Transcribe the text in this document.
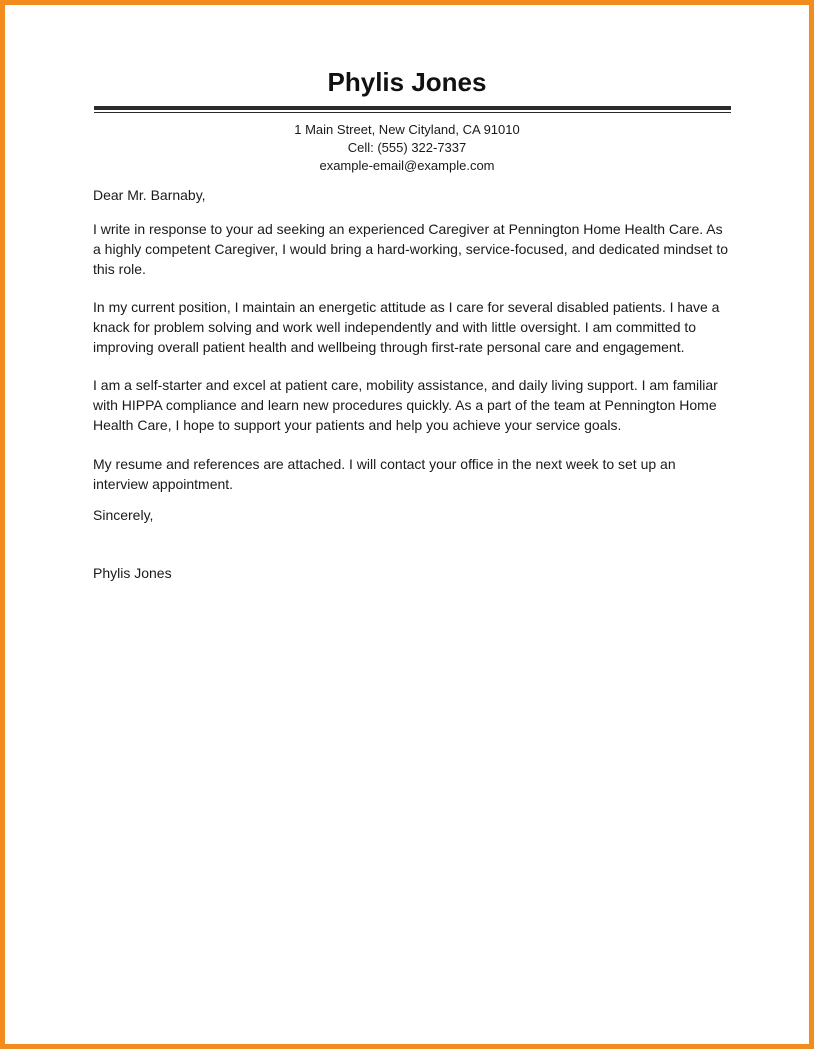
Phylis Jones
1 Main Street, New Cityland, CA 91010
Cell: (555) 322-7337
example-email@example.com

Dear Mr. Barnaby,

I write in response to your ad seeking an experienced Caregiver at Pennington Home Health Care. As a highly competent Caregiver, I would bring a hard-working, service-focused, and dedicated mindset to this role.

In my current position, I maintain an energetic attitude as I care for several disabled patients. I have a knack for problem solving and work well independently and with little oversight. I am committed to improving overall patient health and wellbeing through first-rate personal care and engagement.

I am a self-starter and excel at patient care, mobility assistance, and daily living support. I am familiar with HIPPA compliance and learn new procedures quickly. As a part of the team at Pennington Home Health Care, I hope to support your patients and help you achieve your service goals.

My resume and references are attached. I will contact your office in the next week to set up an interview appointment.

Sincerely,

Phylis Jones
